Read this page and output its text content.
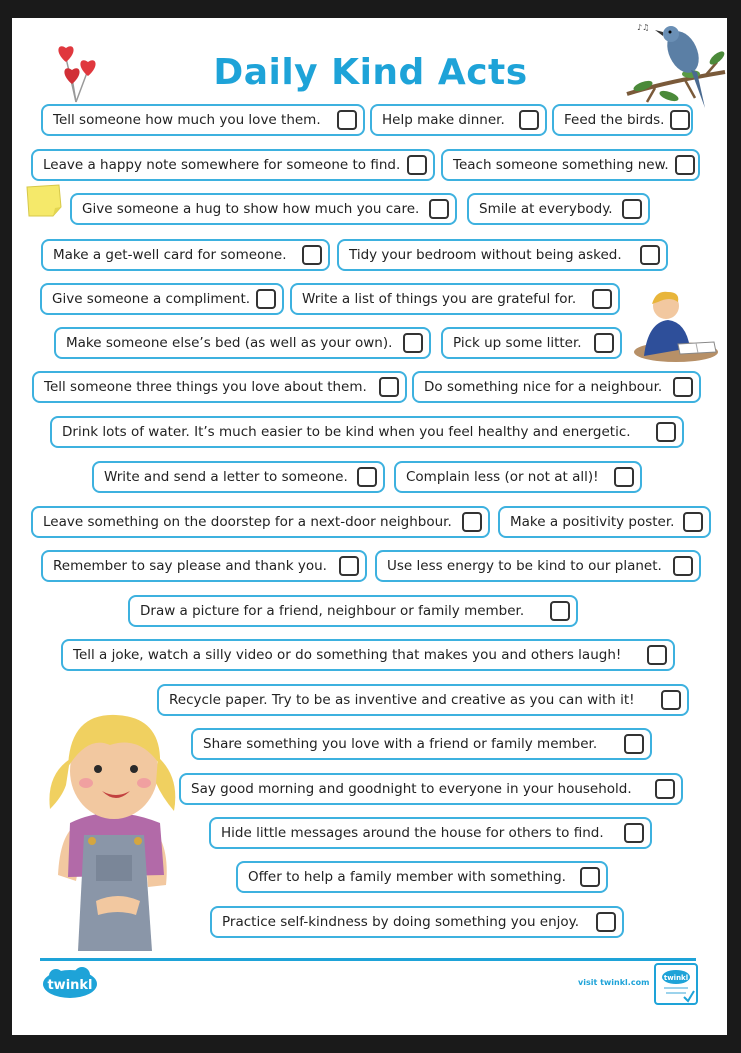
Daily Kind Acts
♪♫
Tell someone how much you love them.	Help make dinner.	Feed the birds.
Leave a happy note somewhere for someone to find.	Teach someone something new.
Give someone a hug to show how much you care.	Smile at everybody.
Make a get-well card for someone.	Tidy your bedroom without being asked.
Give someone a compliment.	Write a list of things you are grateful for.
Make someone else’s bed (as well as your own).	Pick up some litter.
Tell someone three things you love about them.	Do something nice for a neighbour.
Drink lots of water. It’s much easier to be kind when you feel healthy and energetic.
Write and send a letter to someone.	Complain less (or not at all)!
Leave something on the doorstep for a next-door neighbour.	Make a positivity poster.
Remember to say please and thank you.	Use less energy to be kind to our planet.
Draw a picture for a friend, neighbour or family member.
Tell a joke, watch a silly video or do something that makes you and others laugh!
Recycle paper. Try to be as inventive and creative as you can with it!
Share something you love with a friend or family member.
Say good morning and goodnight to everyone in your household.
Hide little messages around the house for others to find.
Offer to help a family member with something.
Practice self-kindness by doing something you enjoy.
twinkl	visit twinkl.com twinkl
